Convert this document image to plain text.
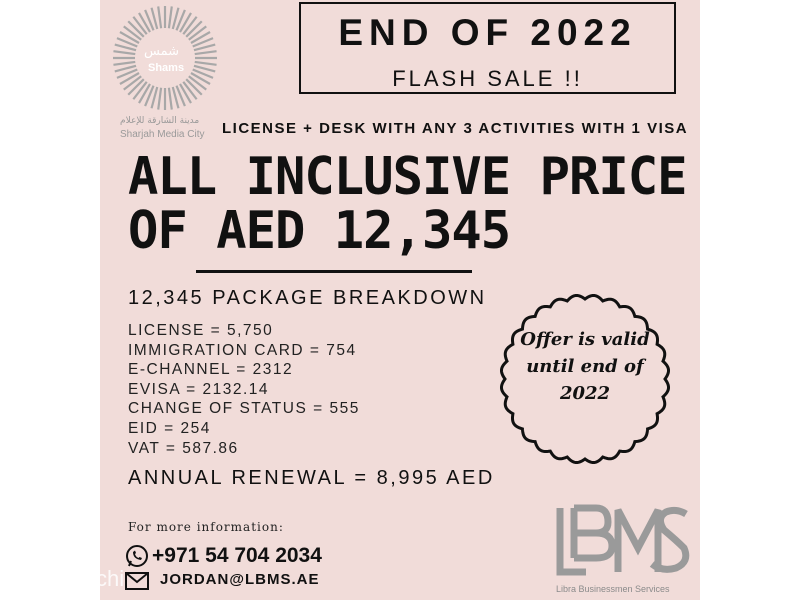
شمس
Shams
مدينة الشارقة للإعلام
Sharjah Media City
END OF 2022
FLASH SALE !!
LICENSE + DESK WITH ANY 3 ACTIVITIES WITH 1 VISA
ALL INCLUSIVE PRICE
OF AED 12,345
12,345 PACKAGE BREAKDOWN
LICENSE = 5,750
IMMIGRATION CARD = 754
E-CHANNEL = 2312
EVISA = 2132.14
CHANGE OF STATUS = 555
EID = 254
VAT = 587.86
ANNUAL RENEWAL = 8,995 AED
Offer is valid
until end of
2022
For more information:
+971 54 704 2034
JORDAN@LBMS.AE
Libra Businessmen Services
chi
